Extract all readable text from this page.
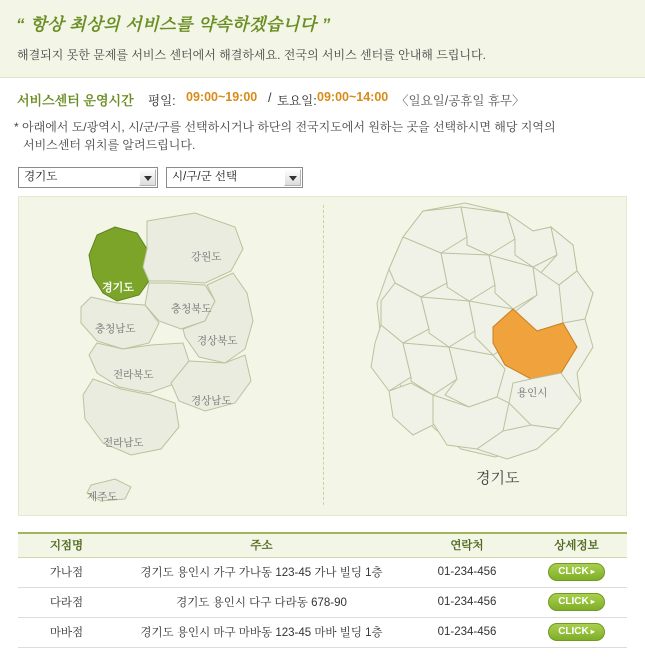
“ 항상 최상의 서비스를 약속하겠습니다 ”
해결되지 못한 문제를 서비스 센터에서 해결하세요. 전국의 서비스 센터를 안내해 드립니다.
서비스센터 운영시간 평일: 09:00~19:00 / 토요일: 09:00~14:00 〈일요일/공휴일 휴무〉
* 아래에서 도/광역시, 시/군/구를 선택하시거나 하단의 전국지도에서 원하는 곳을 선택하시면 해당 지역의
서비스센터 위치를 알려드립니다.
경기도	시/구/군 선택
강원도
경기도
충청북도
충청남도
경상북도
전라북도
경상남도
전라남도
제주도
용인시
경기도
지점명	주소	연락처	상세정보
가나점	경기도 용인시 가구 가나동 123-45 가나 빌딩 1층	01-234-456	CLICK ▸
다라점	경기도 용인시 다구 다라동 678-90	01-234-456	CLICK ▸
마바점	경기도 용인시 마구 마바동 123-45 마바 빌딩 1층	01-234-456	CLICK ▸
